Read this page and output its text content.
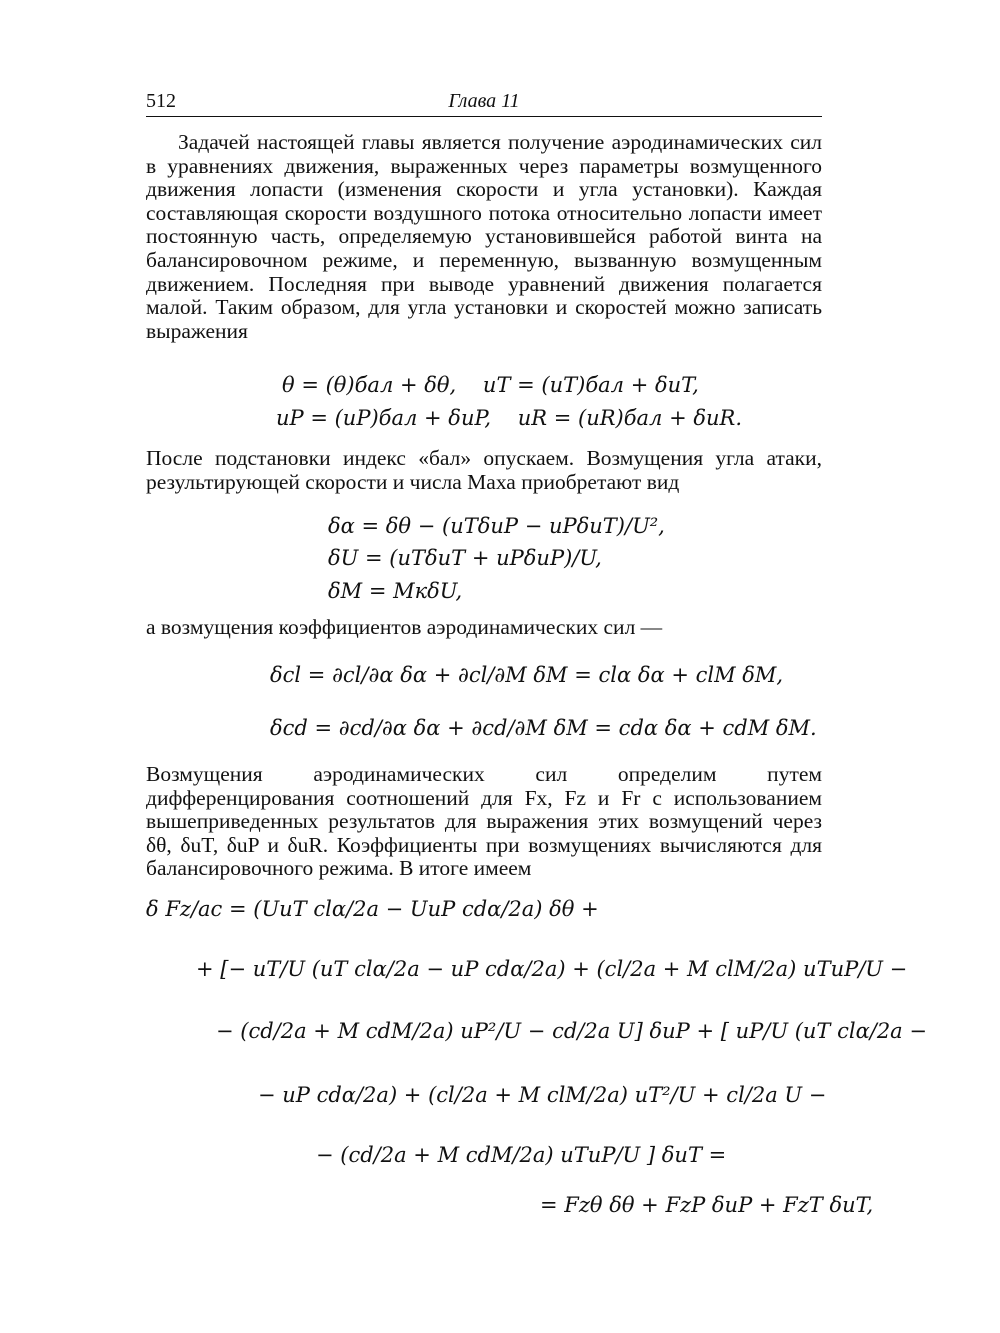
512	Глава 11

Задачей настоящей главы является получение аэродинамических сил в уравнениях движения, выраженных через параметры возмущенного движения лопасти (изменения скорости и угла установки). Каждая составляющая скорости воздушного потока относительно лопасти имеет постоянную часть, определяемую установившейся работой винта на балансировочном режиме, и переменную, вызванную возмущенным движением. Последняя при выводе уравнений движения полагается малой. Таким образом, для угла установки и скоростей можно записать выражения

θ = (θ)бал + δθ,    uT = (uT)бал + δuT,
uP = (uP)бал + δuP,    uR = (uR)бал + δuR.

После подстановки индекс «бал» опускаем. Возмущения угла атаки, результирующей скорости и числа Маха приобретают вид

δα = δθ − (uTδuP − uPδuT)/U²,
δU = (uTδuT + uPδuP)/U,
δM = MкδU,

а возмущения коэффициентов аэродинамических сил —

δcl = ∂cl/∂α δα + ∂cl/∂M δM = clα δα + clM δM,
δcd = ∂cd/∂α δα + ∂cd/∂M δM = cdα δα + cdM δM.

Возмущения аэродинамических сил определим путем дифференцирования соотношений для Fx, Fz и Fr с использованием вышеприведенных результатов для выражения этих возмущений через δθ, δuT, δuP и δuR. Коэффициенты при возмущениях вычисляются для балансировочного режима. В итоге имеем

δ Fz/ac = (UuT clα/2a − UuP cdα/2a) δθ +
+ [− uT/U (uT clα/2a − uP cdα/2a) + (cl/2a + M clM/2a) uTuP/U −
− (cd/2a + M cdM/2a) uP²/U − cd/2a U] δuP + [ uP/U (uT clα/2a −
− uP cdα/2a) + (cl/2a + M clM/2a) uT²/U + cl/2a U −
− (cd/2a + M cdM/2a) uTuP/U ] δuT =
= Fzθ δθ + FzP δuP + FzT δuT,
